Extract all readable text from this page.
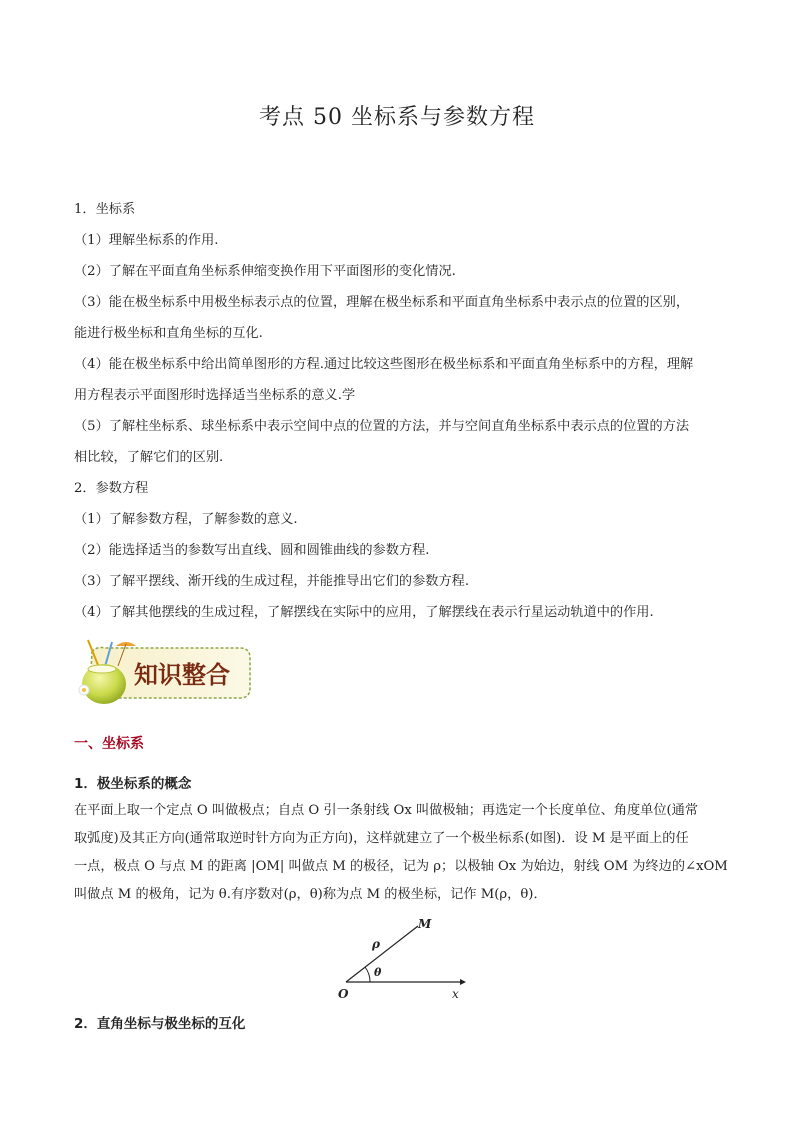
考点 50 坐标系与参数方程
1．坐标系
（1）理解坐标系的作用.
（2）了解在平面直角坐标系伸缩变换作用下平面图形的变化情况.
（3）能在极坐标系中用极坐标表示点的位置，理解在极坐标系和平面直角坐标系中表示点的位置的区别，
能进行极坐标和直角坐标的互化.
（4）能在极坐标系中给出简单图形的方程.通过比较这些图形在极坐标系和平面直角坐标系中的方程，理解
用方程表示平面图形时选择适当坐标系的意义.学
（5）了解柱坐标系、球坐标系中表示空间中点的位置的方法，并与空间直角坐标系中表示点的位置的方法
相比较，了解它们的区别.
2．参数方程
（1）了解参数方程，了解参数的意义.
（2）能选择适当的参数写出直线、圆和圆锥曲线的参数方程.
（3）了解平摆线、渐开线的生成过程，并能推导出它们的参数方程.
（4）了解其他摆线的生成过程，了解摆线在实际中的应用，了解摆线在表示行星运动轨道中的作用.
知识整合
一、坐标系
1．极坐标系的概念
在平面上取一个定点 O 叫做极点；自点 O 引一条射线 Ox 叫做极轴；再选定一个长度单位、角度单位(通常
取弧度)及其正方向(通常取逆时针方向为正方向)，这样就建立了一个极坐标系(如图)．设 M 是平面上的任
一点，极点 O 与点 M 的距离 |OM| 叫做点 M 的极径，记为 ρ；以极轴 Ox 为始边，射线 OM 为终边的∠xOM
叫做点 M 的极角，记为 θ.有序数对(ρ，θ)称为点 M 的极坐标，记作 M(ρ，θ)．
M
O	x
ρ
θ
2．直角坐标与极坐标的互化
